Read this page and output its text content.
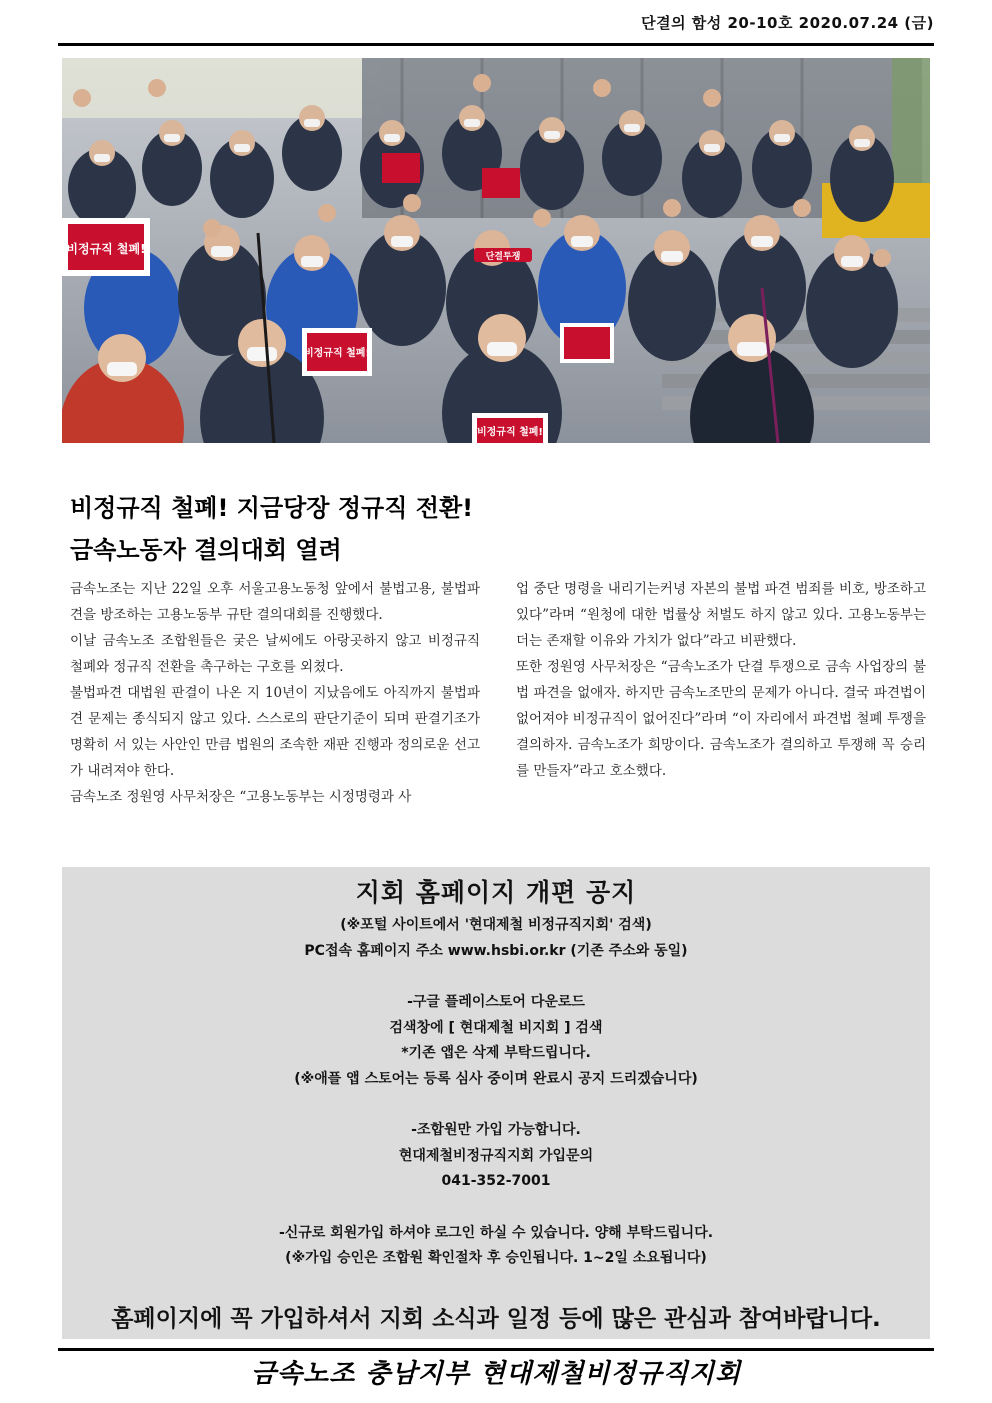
단결의 함성 20-10호 2020.07.24 (금)
비정규직 철폐!
비정규직 철폐!
비정규직 철폐!
단결투쟁
비정규직 철폐! 지금당장 정규직 전환!
금속노동자 결의대회 열려

금속노조는 지난 22일 오후 서울고용노동청 앞에서 불법고용, 불법파견을 방조하는 고용노동부 규탄 결의대회를 진행했다.

이날 금속노조 조합원들은 궂은 날씨에도 아랑곳하지 않고 비정규직 철폐와 정규직 전환을 촉구하는 구호를 외쳤다.

불법파견 대법원 판결이 나온 지 10년이 지났음에도 아직까지 불법파견 문제는 종식되지 않고 있다. 스스로의 판단기준이 되며 판결기조가 명확히 서 있는 사안인 만큼 법원의 조속한 재판 진행과 정의로운 선고가 내려져야 한다.

금속노조 정원영 사무처장은 “고용노동부는 시정명령과 사

업 중단 명령을 내리기는커녕 자본의 불법 파견 범죄를 비호, 방조하고 있다”라며 “원청에 대한 법률상 처벌도 하지 않고 있다. 고용노동부는 더는 존재할 이유와 가치가 없다”라고 비판했다.

또한 정원영 사무처장은 “금속노조가 단결 투쟁으로 금속 사업장의 불법 파견을 없애자. 하지만 금속노조만의 문제가 아니다. 결국 파견법이 없어져야 비정규직이 없어진다”라며 “이 자리에서 파견법 철폐 투쟁을 결의하자. 금속노조가 희망이다. 금속노조가 결의하고 투쟁해 꼭 승리를 만들자”라고 호소했다.

지회 홈페이지 개편 공지
(※포털 사이트에서 '현대제철 비정규직지회' 검색)
PC접속 홈페이지 주소 www.hsbi.or.kr (기존 주소와 동일)
-구글 플레이스토어 다운로드
검색창에 [ 현대제철 비지회 ] 검색
*기존 앱은 삭제 부탁드립니다.
(※애플 앱 스토어는 등록 심사 중이며 완료시 공지 드리겠습니다)
-조합원만 가입 가능합니다.
현대제철비정규직지회 가입문의
041-352-7001
-신규로 회원가입 하셔야 로그인 하실 수 있습니다. 양해 부탁드립니다.
(※가입 승인은 조합원 확인절차 후 승인됩니다. 1~2일 소요됩니다)
홈페이지에 꼭 가입하셔서 지회 소식과 일정 등에 많은 관심과 참여바랍니다.
금속노조 충남지부 현대제철비정규직지회
